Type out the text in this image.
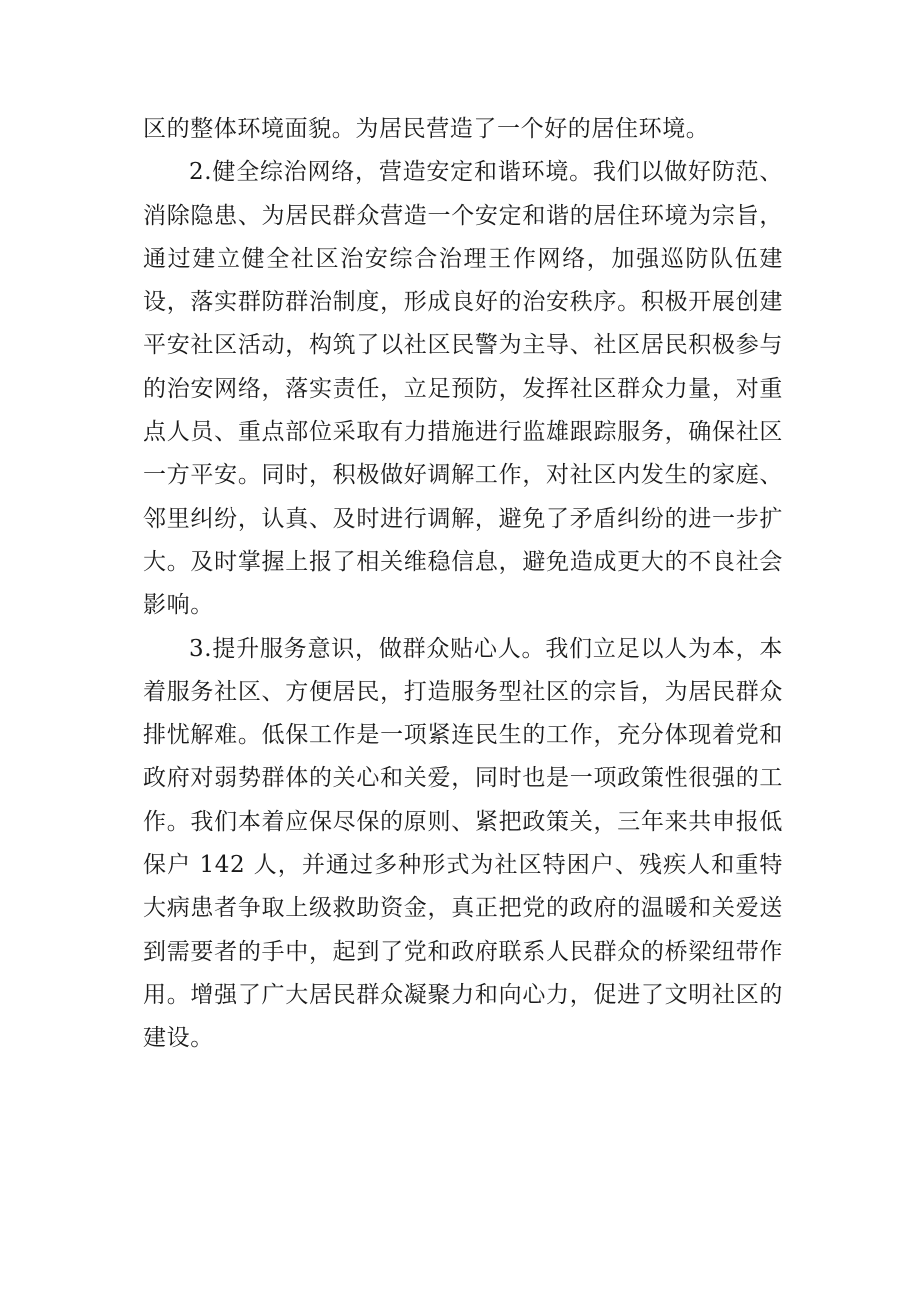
区的整体环境面貌。为居民营造了一个好的居住环境。

2.健全综治网络，营造安定和谐环境。我们以做好防范、消除隐患、为居民群众营造一个安定和谐的居住环境为宗旨，通过建立健全社区治安综合治理王作网络，加强巡防队伍建设，落实群防群治制度，形成良好的治安秩序。积极开展创建平安社区活动，构筑了以社区民警为主导、社区居民积极参与的治安网络，落实责任，立足预防，发挥社区群众力量，对重点人员、重点部位采取有力措施进行监雄跟踪服务，确保社区一方平安。同时，积极做好调解工作，对社区内发生的家庭、邻里纠纷，认真、及时进行调解，避免了矛盾纠纷的进一步扩大。及时掌握上报了相关维稳信息，避免造成更大的不良社会影响。

3.提升服务意识，做群众贴心人。我们立足以人为本，本着服务社区、方便居民，打造服务型社区的宗旨，为居民群众排忧解难。低保工作是一项紧连民生的工作，充分体现着党和政府对弱势群体的关心和关爱，同时也是一项政策性很强的工作。我们本着应保尽保的原则、紧把政策关，三年来共申报低保户 142 人，并通过多种形式为社区特困户、残疾人和重特大病患者争取上级救助资金，真正把党的政府的温暖和关爱送到需要者的手中，起到了党和政府联系人民群众的桥梁纽带作用。增强了广大居民群众凝聚力和向心力，促进了文明社区的建设。
